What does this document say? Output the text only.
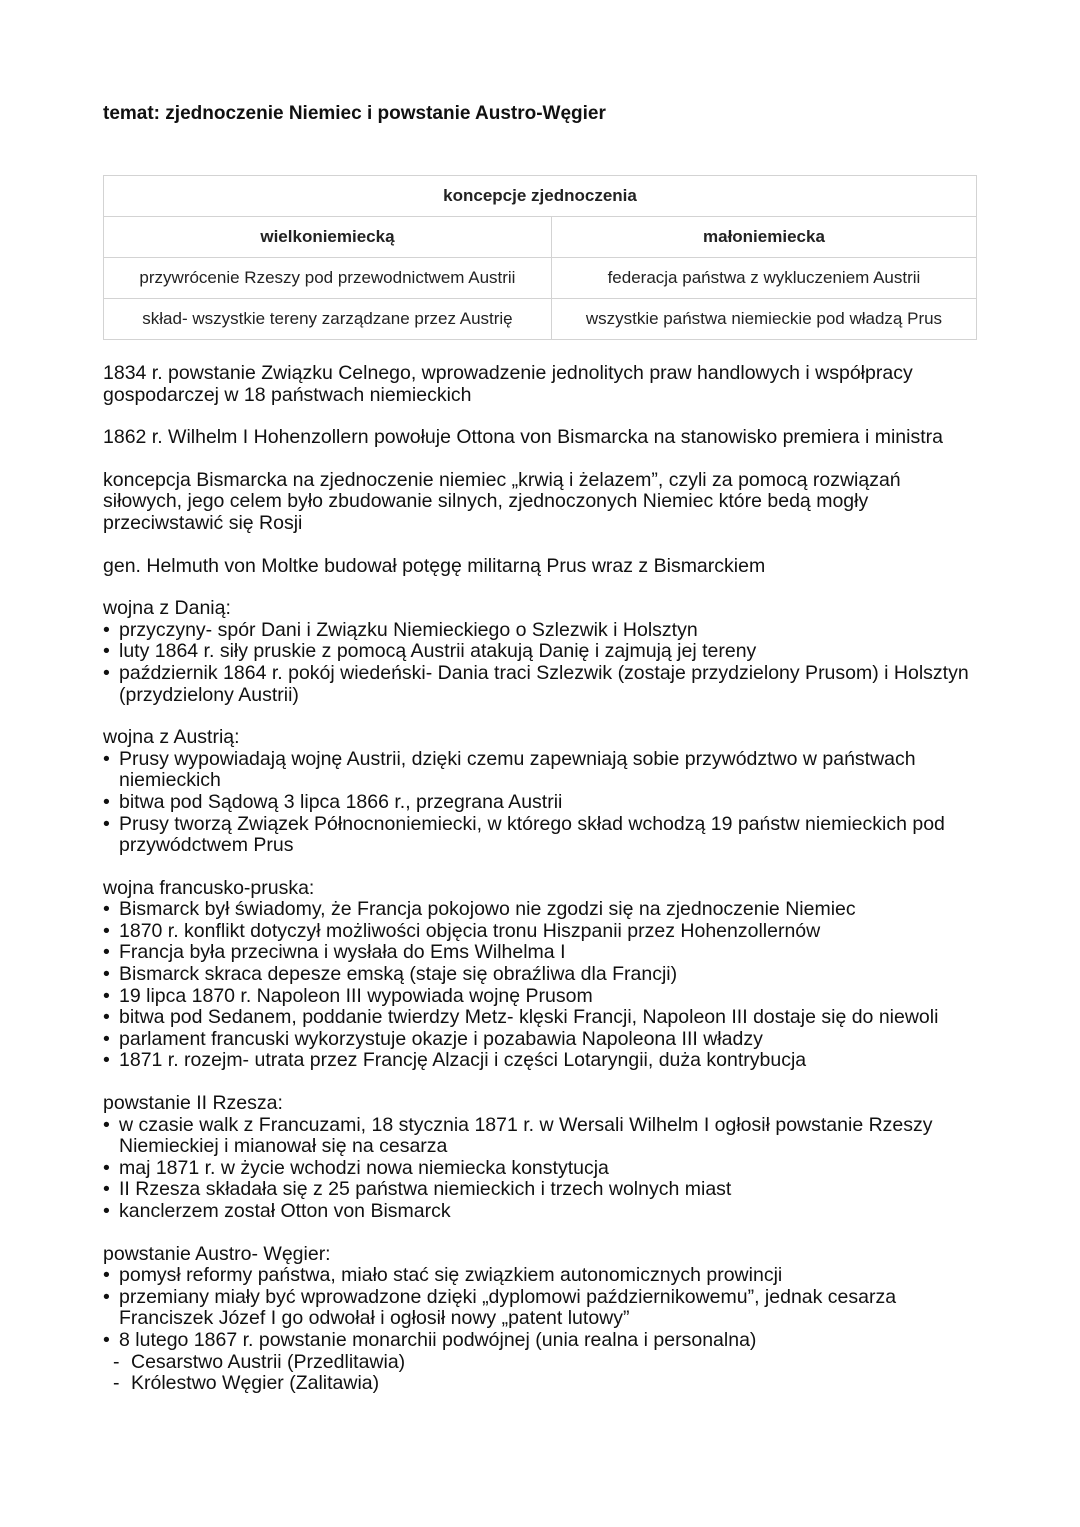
temat: zjednoczenie Niemiec i powstanie Austro-Węgier
koncepcje zjednoczenia	
wielkoniemiecką	małoniemiecka
przywrócenie Rzeszy pod przewodnictwem Austrii	federacja państwa z wykluczeniem Austrii
skład- wszystkie tereny zarządzane przez Austrię	wszystkie państwa niemieckie pod władzą Prus

1834 r. powstanie Związku Celnego, wprowadzenie jednolitych praw handlowych i współpracy gospodarczej w 18 państwach niemieckich

1862 r. Wilhelm I Hohenzollern powołuje Ottona von Bismarcka na stanowisko premiera i ministra

koncepcja Bismarcka na zjednoczenie niemiec „krwią i żelazem”, czyli za pomocą rozwiązań siłowych, jego celem było zbudowanie silnych, zjednoczonych Niemiec które bedą mogły przeciwstawić się Rosji

gen. Helmuth von Moltke budował potęgę militarną Prus wraz z Bismarckiem

wojna z Danią:

• przyczyny- spór Dani i Związku Niemieckiego o Szlezwik i Holsztyn
• luty 1864 r. siły pruskie z pomocą Austrii atakują Danię i zajmują jej tereny
• październik 1864 r. pokój wiedeński- Dania traci Szlezwik (zostaje przydzielony Prusom) i Holsztyn (przydzielony Austrii)

wojna z Austrią:

• Prusy wypowiadają wojnę Austrii, dzięki czemu zapewniają sobie przywództwo w państwach niemieckich
• bitwa pod Sądową 3 lipca 1866 r., przegrana Austrii
• Prusy tworzą Związek Północnoniemiecki, w którego skład wchodzą 19 państw niemieckich pod przywódctwem Prus

wojna francusko-pruska:

• Bismarck był świadomy, że Francja pokojowo nie zgodzi się na zjednoczenie Niemiec
• 1870 r. konflikt dotyczył możliwości objęcia tronu Hiszpanii przez Hohenzollernów
• Francja była przeciwna i wysłała do Ems Wilhelma I
• Bismarck skraca depesze emską (staje się obraźliwa dla Francji)
• 19 lipca 1870 r. Napoleon III wypowiada wojnę Prusom
• bitwa pod Sedanem, poddanie twierdzy Metz- klęski Francji, Napoleon III dostaje się do niewoli
• parlament francuski wykorzystuje okazje i pozabawia Napoleona III władzy
• 1871 r. rozejm- utrata przez Francję Alzacji i części Lotaryngii, duża kontrybucja

powstanie II Rzesza:

• w czasie walk z Francuzami, 18 stycznia 1871 r. w Wersali Wilhelm I ogłosił powstanie Rzeszy Niemieckiej i mianował się na cesarza
• maj 1871 r. w życie wchodzi nowa niemiecka konstytucja
• II Rzesza składała się z 25 państwa niemieckich i trzech wolnych miast
• kanclerzem został Otton von Bismarck

powstanie Austro- Węgier:

• pomysł reformy państwa, miało stać się związkiem autonomicznych prowincji
• przemiany miały być wprowadzone dzięki „dyplomowi październikowemu”, jednak cesarza Franciszek Józef I go odwołał i ogłosił nowy „patent lutowy”
• 8 lutego 1867 r. powstanie monarchii podwójnej (unia realna i personalna)
- Cesarstwo Austrii (Przedlitawia)
- Królestwo Węgier (Zalitawia)
